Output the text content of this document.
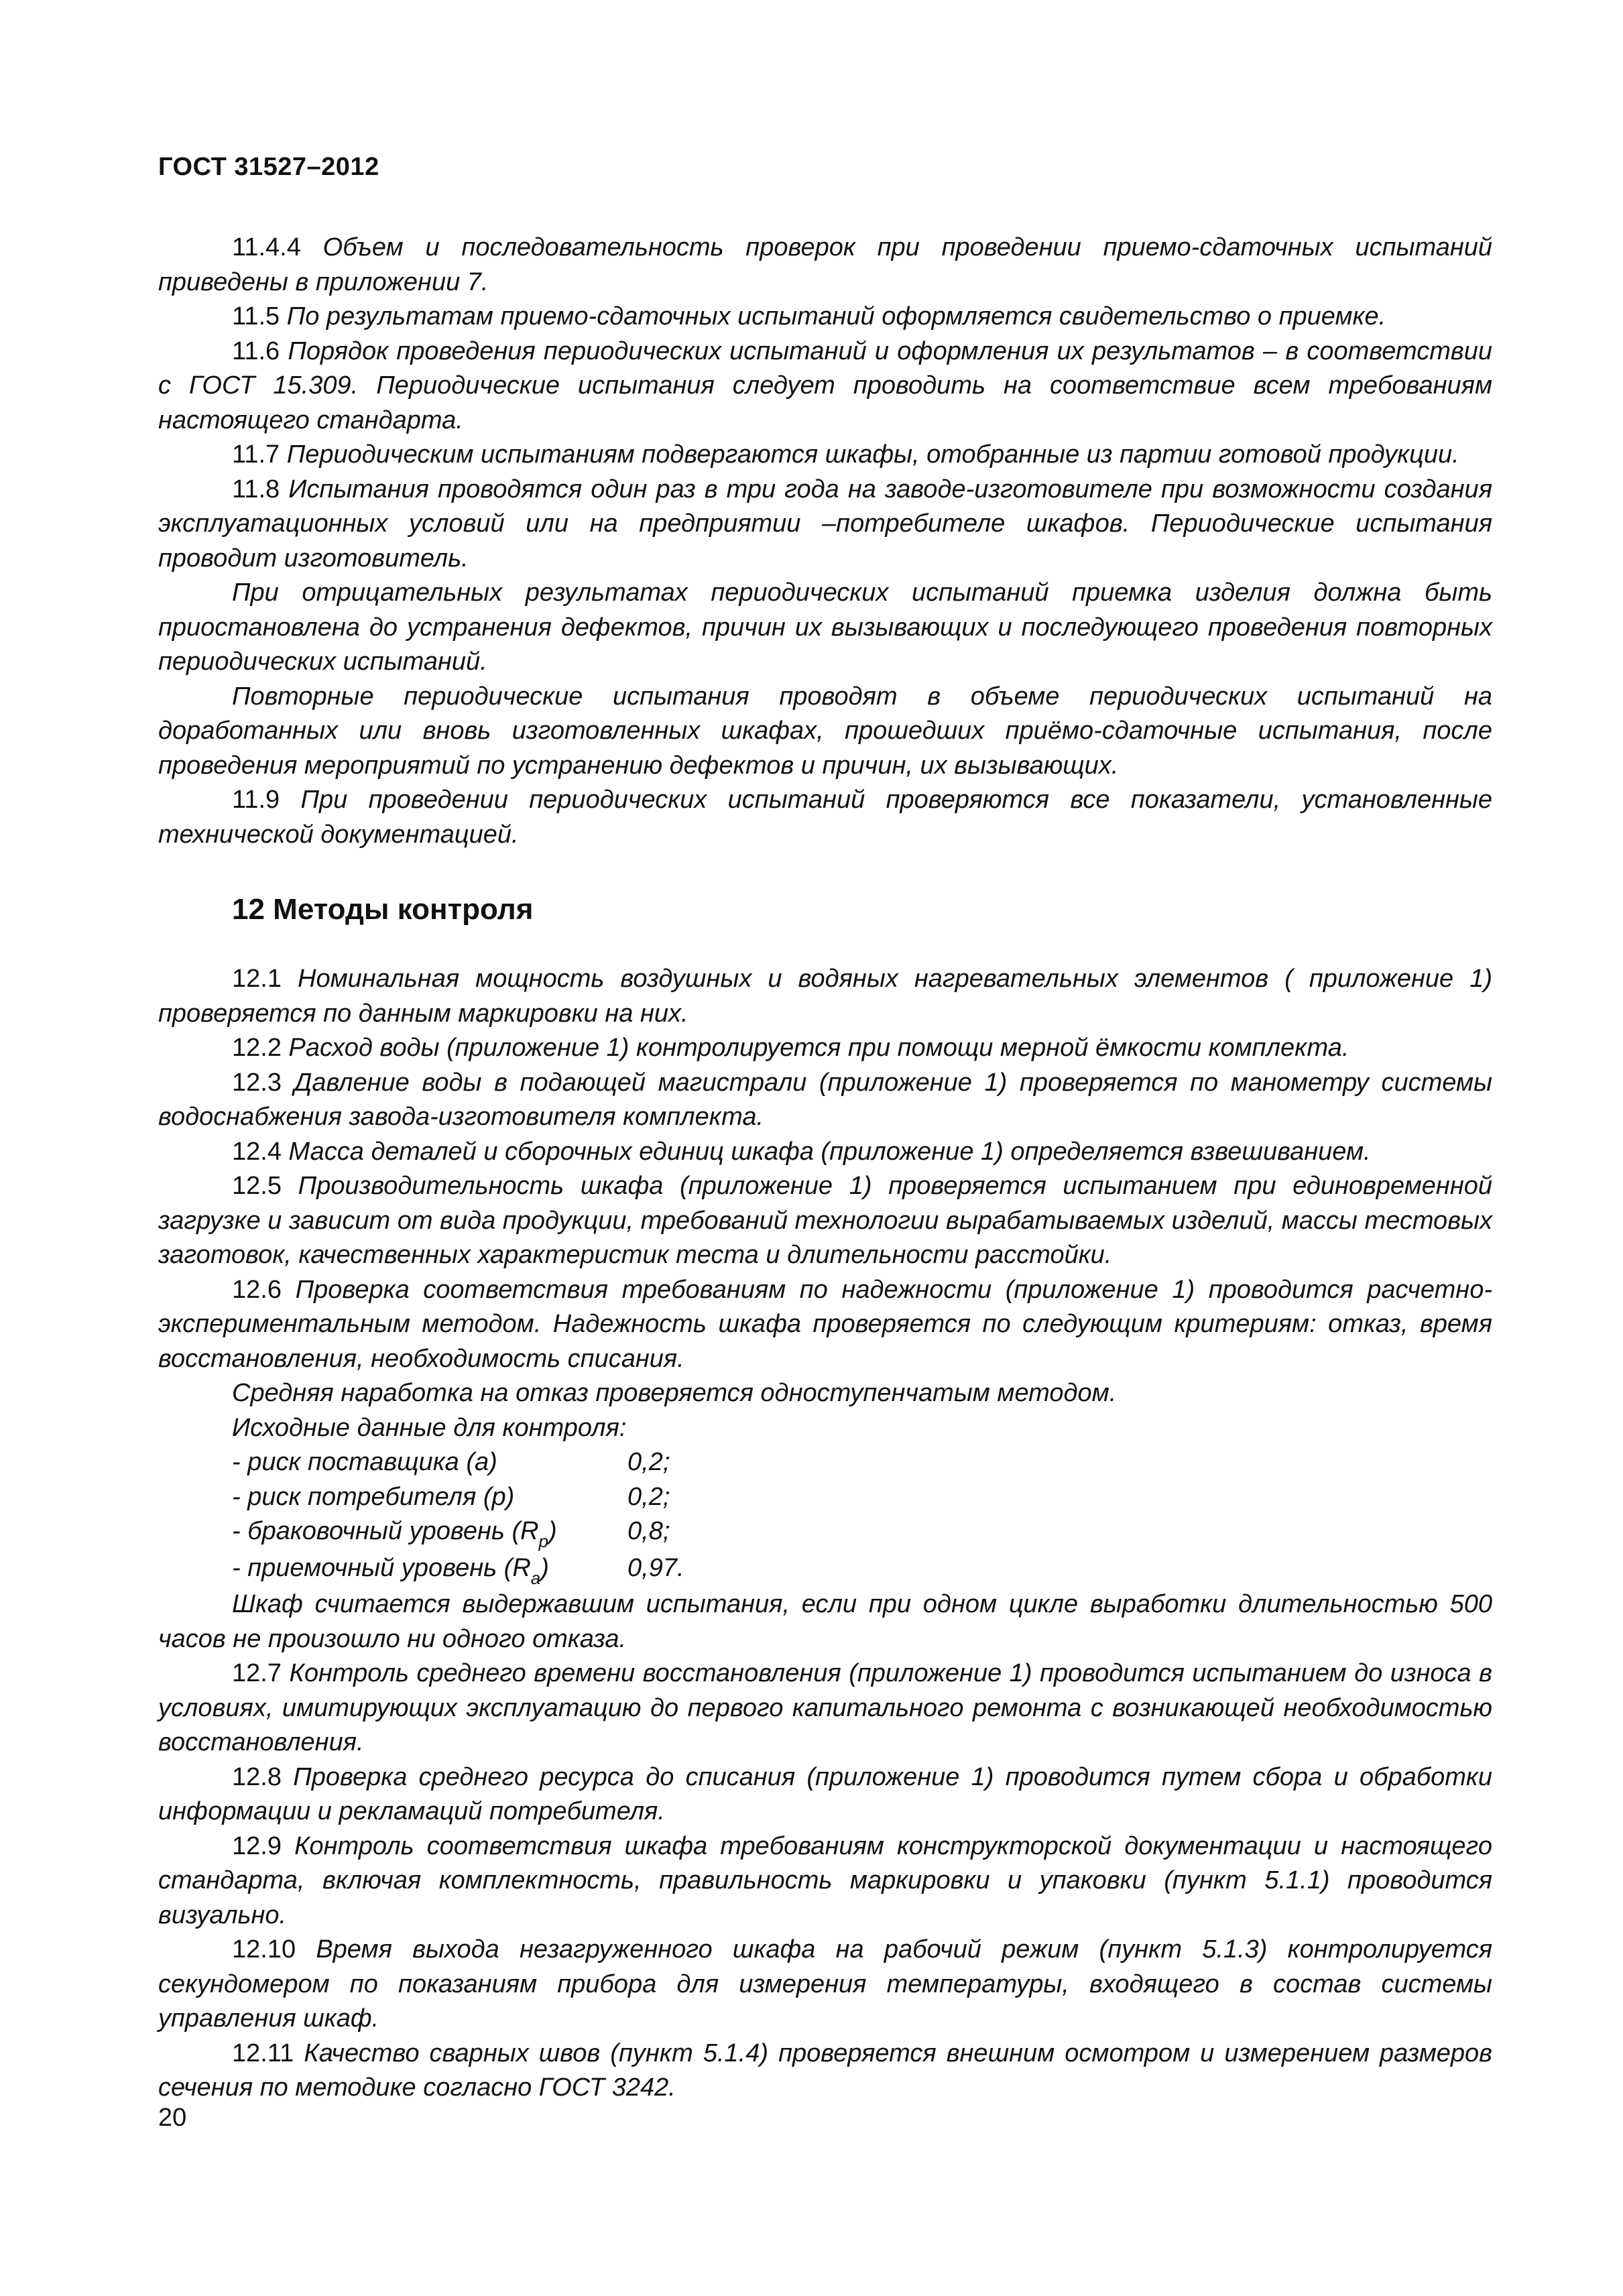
ГОСТ 31527–2012

11.4.4 Объем и последовательность проверок при проведении приемо-сдаточных испытаний приведены в приложении 7.

11.5 По результатам приемо-сдаточных испытаний оформляется свидетельство о приемке.

11.6 Порядок проведения периодических испытаний и оформления их результатов – в соответствии с ГОСТ 15.309. Периодические испытания следует проводить на соответствие всем требованиям настоящего стандарта.

11.7 Периодическим испытаниям подвергаются шкафы, отобранные из партии готовой продукции.

11.8 Испытания проводятся один раз в три года на заводе-изготовителе при возможности создания эксплуатационных условий или на предприятии –потребителе шкафов. Периодические испытания проводит изготовитель.

При отрицательных результатах периодических испытаний приемка изделия должна быть приостановлена до устранения дефектов, причин их вызывающих и последующего проведения повторных периодических испытаний.

Повторные периодические испытания проводят в объеме периодических испытаний на доработанных или вновь изготовленных шкафах, прошедших приёмо-сдаточные испытания, после проведения мероприятий по устранению дефектов и причин, их вызывающих.

11.9 При проведении периодических испытаний проверяются все показатели, установленные технической документацией.

12 Методы контроля

12.1 Номинальная мощность воздушных и водяных нагревательных элементов ( приложение 1) проверяется по данным маркировки на них.

12.2 Расход воды (приложение 1) контролируется при помощи мерной ёмкости комплекта.

12.3 Давление воды в подающей магистрали (приложение 1) проверяется по манометру системы водоснабжения завода-изготовителя комплекта.

12.4 Масса деталей и сборочных единиц шкафа (приложение 1) определяется взвешиванием.

12.5 Производительность шкафа (приложение 1) проверяется испытанием при единовременной загрузке и зависит от вида продукции, требований технологии вырабатываемых изделий, массы тестовых заготовок, качественных характеристик теста и длительности расстойки.

12.6 Проверка соответствия требованиям по надежности (приложение 1) проводится расчетно-экспериментальным методом. Надежность шкафа проверяется по следующим критериям: отказ, время восстановления, необходимость списания.

Средняя наработка на отказ проверяется одноступенчатым методом.

Исходные данные для контроля:

- риск поставщика (а)	0,2;
- риск потребителя (р)	0,2;
- браковочный уровень $(R_р)$	0,8;
- приемочный уровень $(R_а)$	0,97.

Шкаф считается выдержавшим испытания, если при одном цикле выработки длительностью 500 часов не произошло ни одного отказа.

12.7 Контроль среднего времени восстановления (приложение 1) проводится испытанием до износа в условиях, имитирующих эксплуатацию до первого капитального ремонта с возникающей необходимостью восстановления.

12.8 Проверка среднего ресурса до списания (приложение 1) проводится путем сбора и обработки информации и рекламаций потребителя.

12.9 Контроль соответствия шкафа требованиям конструкторской документации и настоящего стандарта, включая комплектность, правильность маркировки и упаковки (пункт 5.1.1) проводится визуально.

12.10 Время выхода незагруженного шкафа на рабочий режим (пункт 5.1.3) контролируется секундомером по показаниям прибора для измерения температуры, входящего в состав системы управления шкаф.

12.11 Качество сварных швов (пункт 5.1.4) проверяется внешним осмотром и измерением размеров сечения по методике согласно ГОСТ 3242.

20
